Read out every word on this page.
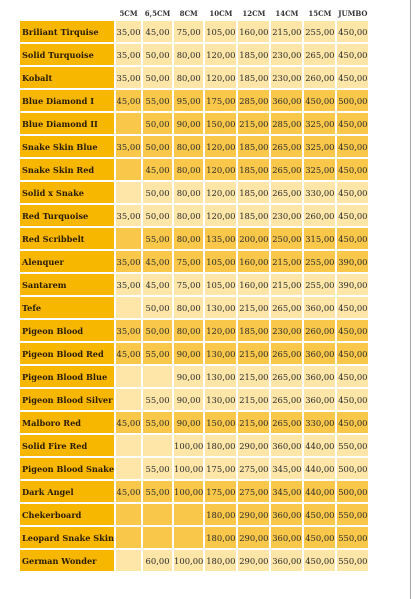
	5CM	6,5CM	8CM	10CM	12CM	14CM	15CM	JUMBO
Briliant Tirquise	35,00	45,00	75,00	105,00	160,00	215,00	255,00	450,00
Solid Turquoise	35,00	50,00	80,00	120,00	185,00	230,00	265,00	450,00
Kobalt	35,00	50,00	80,00	120,00	185,00	230,00	260,00	450,00
Blue Diamond I	45,00	55,00	95,00	175,00	285,00	360,00	450,00	500,00
Blue Diamond II		50,00	90,00	150,00	215,00	285,00	325,00	450,00
Snake Skin Blue	35,00	50,00	80,00	120,00	185,00	265,00	325,00	450,00
Snake Skin Red		45,00	80,00	120,00	185,00	265,00	325,00	450,00
Solid x Snake		50,00	80,00	120,00	185,00	265,00	330,00	450,00
Red Turquoise	35,00	50,00	80,00	120,00	185,00	230,00	260,00	450,00
Red Scribbelt		55,00	80,00	135,00	200,00	250,00	315,00	450,00
Alenquer	35,00	45,00	75,00	105,00	160,00	215,00	255,00	390,00
Santarem	35,00	45,00	75,00	105,00	160,00	215,00	255,00	390,00
Tefe		50,00	80,00	130,00	215,00	265,00	360,00	450,00
Pigeon Blood	35,00	50,00	80,00	120,00	185,00	230,00	260,00	450,00
Pigeon Blood Red	45,00	55,00	90,00	130,00	215,00	265,00	360,00	450,00
Pigeon Blood Blue			90,00	130,00	215,00	265,00	360,00	450,00
Pigeon Blood Silver		55,00	90,00	130,00	215,00	265,00	360,00	450,00
Malboro Red	45,00	55,00	90,00	150,00	215,00	265,00	330,00	450,00
Solid Fire Red			100,00	180,00	290,00	360,00	440,00	550,00
Pigeon Blood Snake		55,00	100,00	175,00	275,00	345,00	440,00	500,00
Dark Angel	45,00	55,00	100,00	175,00	275,00	345,00	440,00	500,00
Chekerboard				180,00	290,00	360,00	450,00	550,00
Leopard Snake Skin				180,00	290,00	360,00	450,00	550,00
German Wonder		60,00	100,00	180,00	290,00	360,00	450,00	550,00
